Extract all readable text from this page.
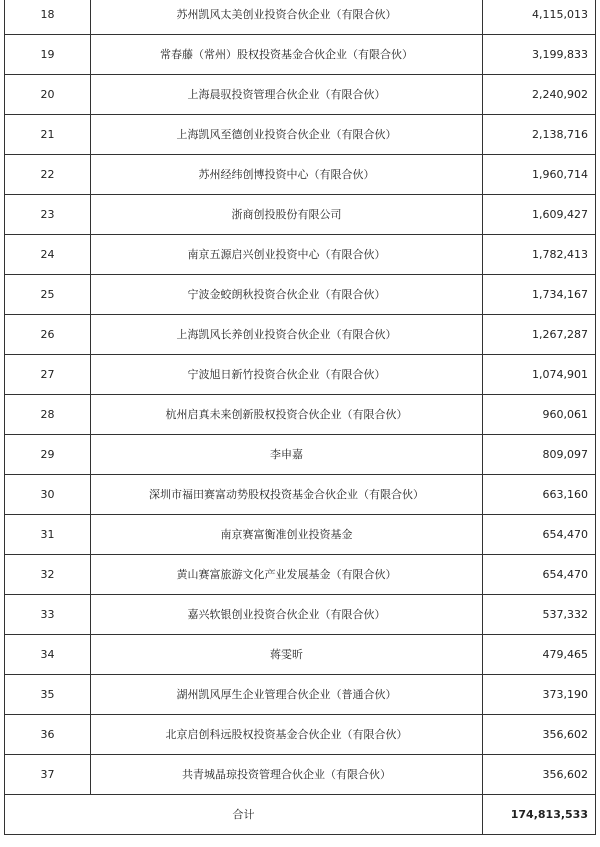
18	苏州凯风太美创业投资合伙企业（有限合伙）	4,115,013
19	常春藤（常州）股权投资基金合伙企业（有限合伙）	3,199,833
20	上海晨驭投资管理合伙企业（有限合伙）	2,240,902
21	上海凯风至德创业投资合伙企业（有限合伙）	2,138,716
22	苏州经纬创博投资中心（有限合伙）	1,960,714
23	浙商创投股份有限公司	1,609,427
24	南京五源启兴创业投资中心（有限合伙）	1,782,413
25	宁波金蛟朗秋投资合伙企业（有限合伙）	1,734,167
26	上海凯风长养创业投资合伙企业（有限合伙）	1,267,287
27	宁波旭日新竹投资合伙企业（有限合伙）	1,074,901
28	杭州启真未来创新股权投资合伙企业（有限合伙）	960,061
29	李申嘉	809,097
30	深圳市福田赛富动势股权投资基金合伙企业（有限合伙）	663,160
31	南京赛富衡准创业投资基金	654,470
32	黄山赛富旅游文化产业发展基金（有限合伙）	654,470
33	嘉兴软银创业投资合伙企业（有限合伙）	537,332
34	蒋雯昕	479,465
35	湖州凯风厚生企业管理合伙企业（普通合伙）	373,190
36	北京启创科远股权投资基金合伙企业（有限合伙）	356,602
37	共青城晶琼投资管理合伙企业（有限合伙）	356,602
合计		174,813,533
